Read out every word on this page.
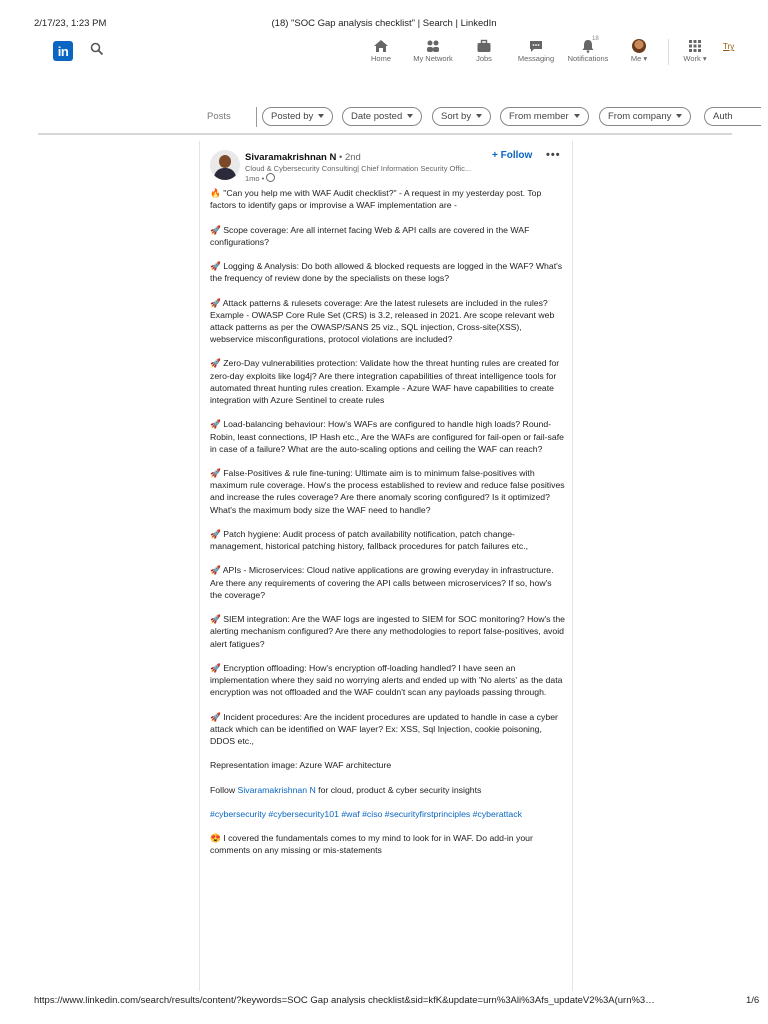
2/17/23, 1:23 PM	(18) "SOC Gap analysis checklist" | Search | LinkedIn
in	Home	My Network	Jobs	Messaging
18
Notifications	Me ▾	Work ▾
Try
Posts	Posted by	Date posted	Sort by	From member	From company	Auth
Sivaramakrishnan N • 2nd
Cloud & Cybersecurity Consulting| Chief Information Security Offic...
1mo •
+ Follow •••

🔥 "Can you help me with WAF Audit checklist?" - A request in my yesterday post. Top factors to identify gaps or improvise a WAF implementation are -

🚀 Scope coverage: Are all internet facing Web & API calls are covered in the WAF configurations?

🚀 Logging & Analysis: Do both allowed & blocked requests are logged in the WAF? What's the frequency of review done by the specialists on these logs?

🚀 Attack patterns & rulesets coverage: Are the latest rulesets are included in the rules? Example - OWASP Core Rule Set (CRS) is 3.2, released in 2021. Are scope relevant web attack patterns as per the OWASP/SANS 25 viz., SQL injection, Cross-site(XSS), webservice misconfigurations, protocol violations are included?

🚀 Zero-Day vulnerabilities protection: Validate how the threat hunting rules are created for zero-day exploits like log4j? Are there integration capabilities of threat intelligence tools for automated threat hunting rules creation. Example - Azure WAF have capabilities to create integration with Azure Sentinel to create rules

🚀 Load-balancing behaviour: How's WAFs are configured to handle high loads? Round-Robin, least connections, IP Hash etc., Are the WAFs are configured for fail-open or fail-safe in case of a failure? What are the auto-scaling options and ceiling the WAF can reach?

🚀 False-Positives & rule fine-tuning: Ultimate aim is to minimum false-positives with maximum rule coverage. How's the process established to review and reduce false positives and increase the rules coverage? Are there anomaly scoring configured? Is it optimized? What's the maximum body size the WAF need to handle?

🚀 Patch hygiene: Audit process of patch availability notification, patch change-management, historical patching history, fallback procedures for patch failures etc.,

🚀 APIs - Microservices: Cloud native applications are growing everyday in infrastructure. Are there any requirements of covering the API calls between microservices? If so, how's the coverage?

🚀 SIEM integration: Are the WAF logs are ingested to SIEM for SOC monitoring? How's the alerting mechanism configured? Are there any methodologies to report false-positives, avoid alert fatigues?

🚀 Encryption offloading: How's encryption off-loading handled? I have seen an implementation where they said no worrying alerts and ended up with 'No alerts' as the data encryption was not offloaded and the WAF couldn't scan any payloads passing through.

🚀 Incident procedures: Are the incident procedures are updated to handle in case a cyber attack which can be identified on WAF layer? Ex: XSS, Sql Injection, cookie poisoning, DDOS etc.,

Representation image: Azure WAF architecture

Follow Sivaramakrishnan N for cloud, product & cyber security insights

#cybersecurity #cybersecurity101 #waf #ciso #securityfirstprinciples #cyberattack

😍 I covered the fundamentals comes to my mind to look for in WAF. Do add-in your comments on any missing or mis-statements

https://www.linkedin.com/search/results/content/?keywords=SOC Gap analysis checklist&sid=kfK&update=urn%3Ali%3Afs_updateV2%3A(urn%3…	1/6
